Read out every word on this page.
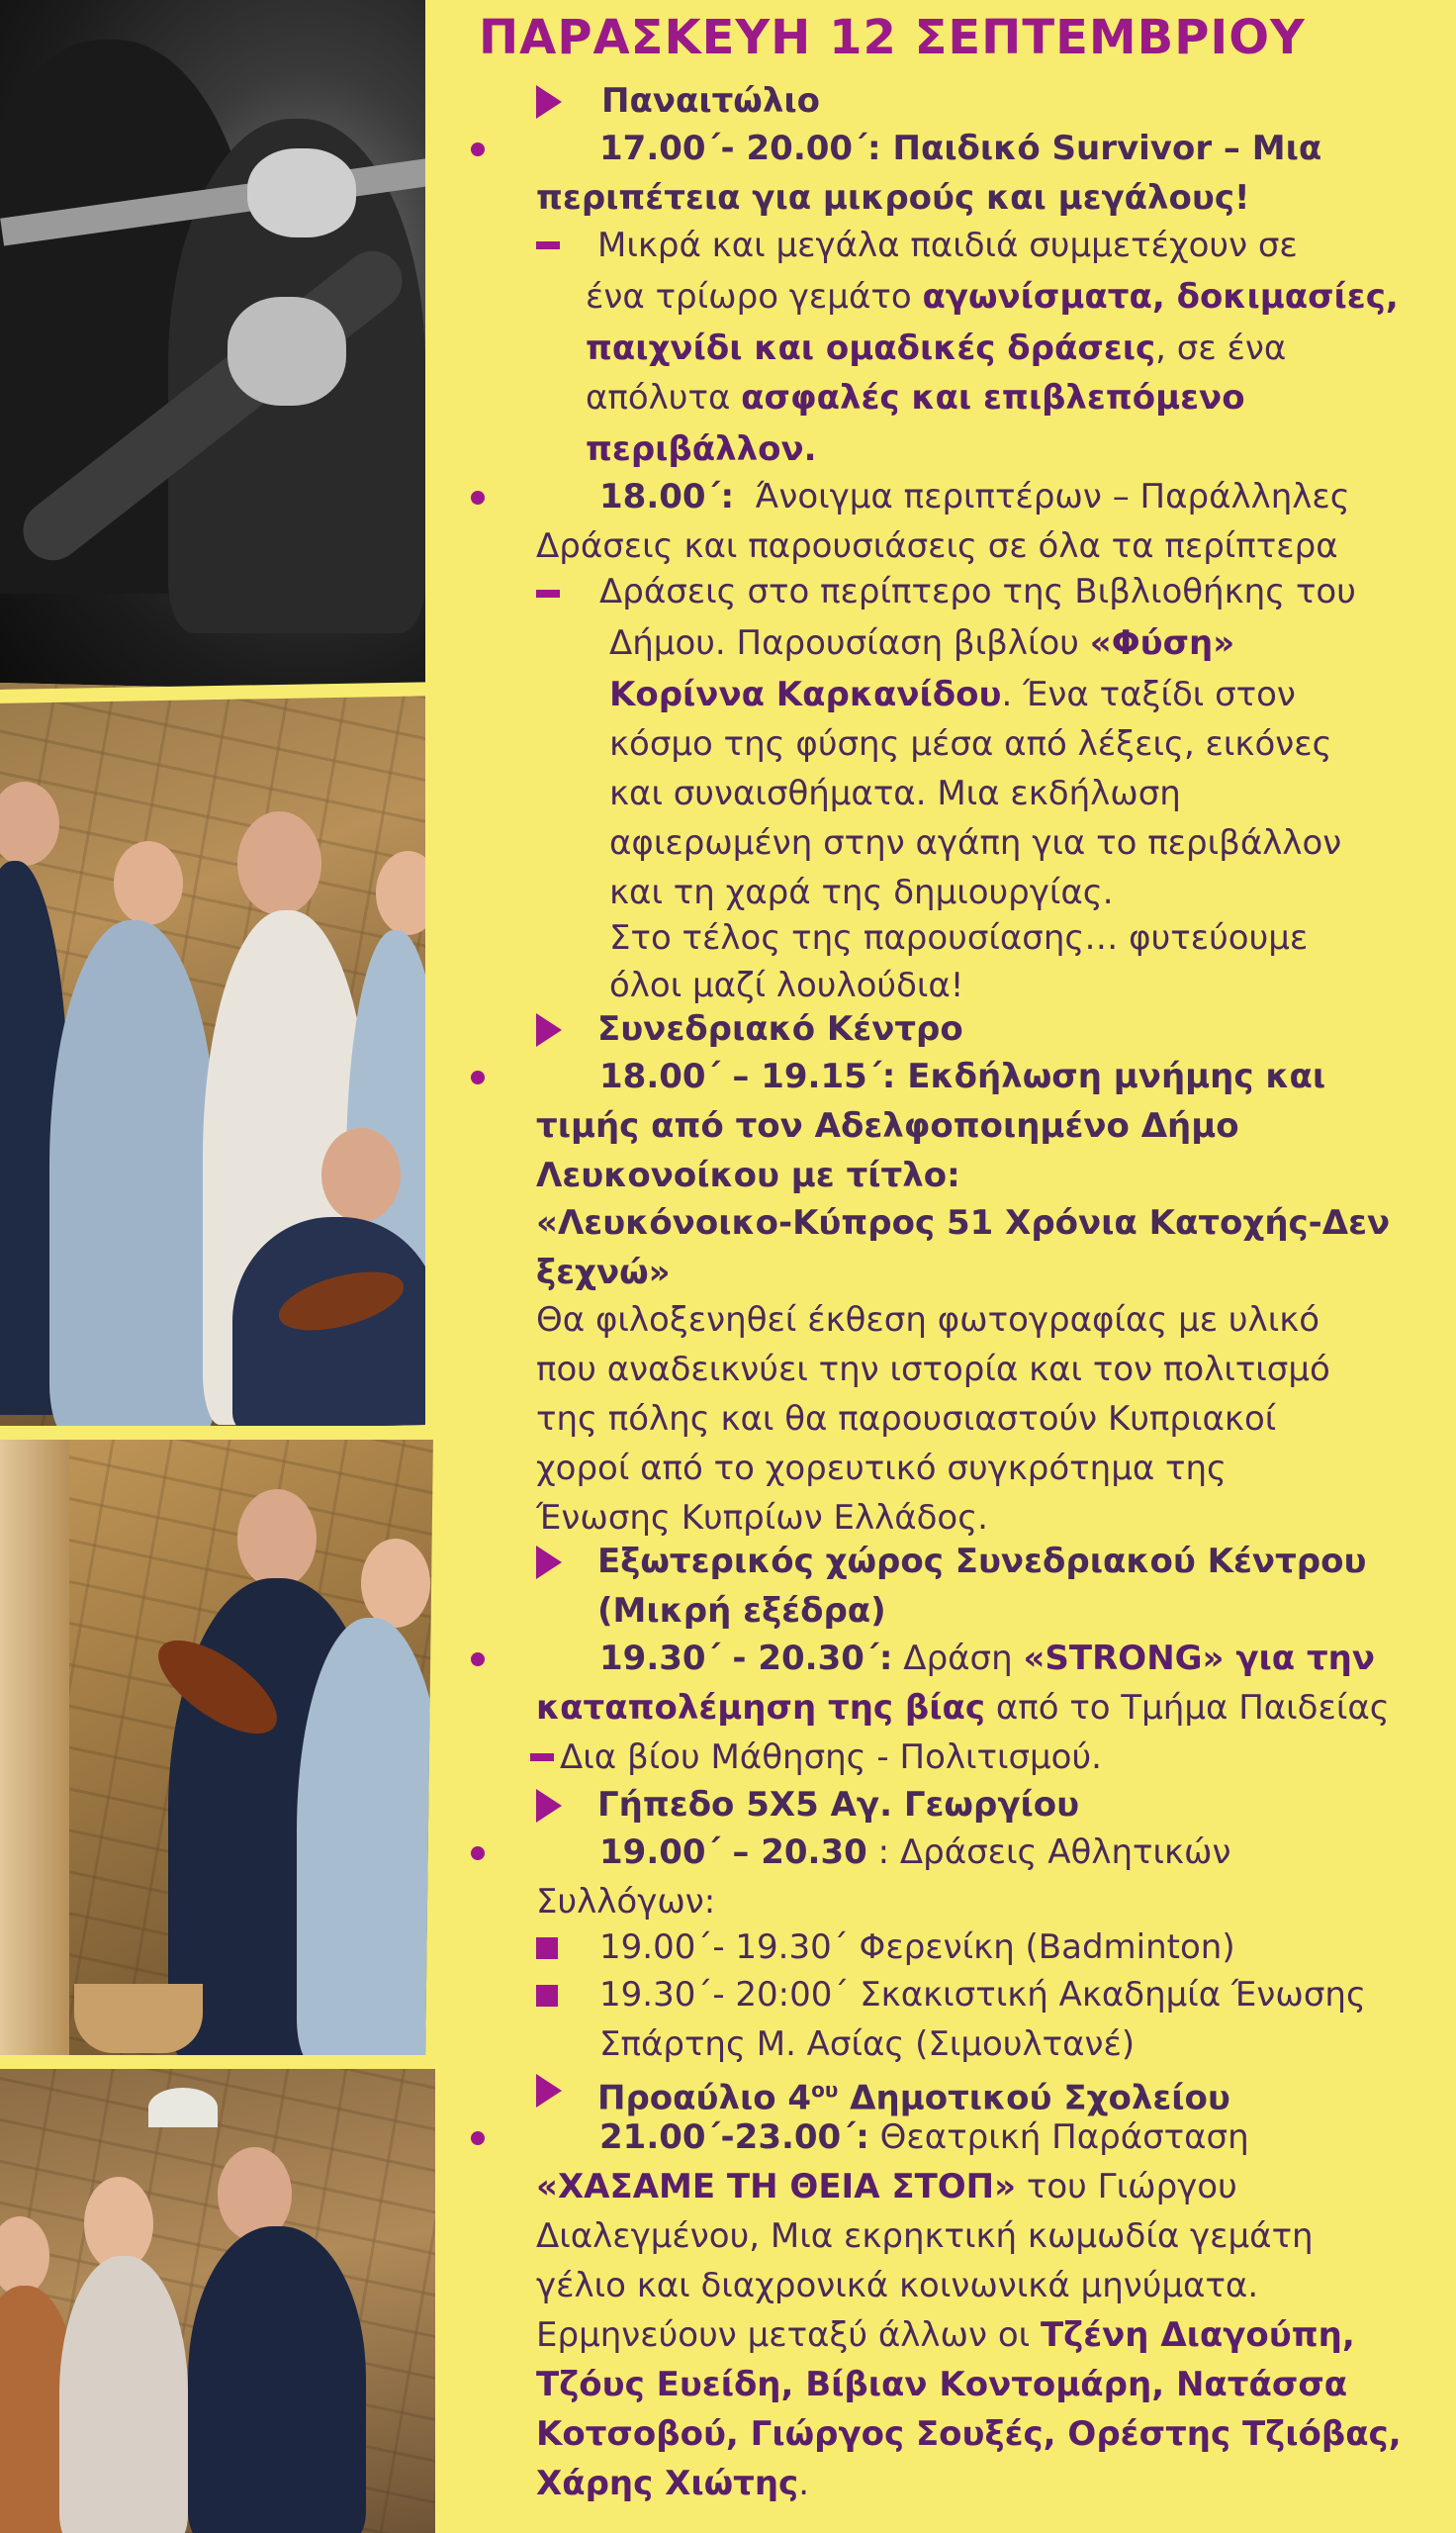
ΠΑΡΑΣΚΕΥΗ 12 ΣΕΠΤΕΜΒΡΙΟΥ
Παναιτώλιο
17.00΄- 20.00΄: Παιδικό Survivor – Μια
περιπέτεια για μικρούς και μεγάλους!
Μικρά και μεγάλα παιδιά συμμετέχουν σε
ένα τρίωρο γεμάτο αγωνίσματα, δοκιμασίες,
παιχνίδι και ομαδικές δράσεις, σε ένα
απόλυτα ασφαλές και επιβλεπόμενο
περιβάλλον.
18.00΄: Άνοιγμα περιπτέρων – Παράλληλες
Δράσεις και παρουσιάσεις σε όλα τα περίπτερα
Δράσεις στο περίπτερο της Βιβλιοθήκης του
Δήμου. Παρουσίαση βιβλίου «Φύση»
Κορίννα Καρκανίδου. Ένα ταξίδι στον
κόσμο της φύσης μέσα από λέξεις, εικόνες
και συναισθήματα. Μια εκδήλωση
αφιερωμένη στην αγάπη για το περιβάλλον
και τη χαρά της δημιουργίας.
Στο τέλος της παρουσίασης… φυτεύουμε
όλοι μαζί λουλούδια!
Συνεδριακό Κέντρο
18.00΄ – 19.15΄: Εκδήλωση μνήμης και
τιμής από τον Αδελφοποιημένο Δήμο
Λευκονοίκου με τίτλο:
«Λευκόνοικο-Κύπρος 51 Χρόνια Κατοχής-Δεν
ξεχνώ»
Θα φιλοξενηθεί έκθεση φωτογραφίας με υλικό
που αναδεικνύει την ιστορία και τον πολιτισμό
της πόλης και θα παρουσιαστούν Κυπριακοί
χοροί από το χορευτικό συγκρότημα της
Ένωσης Κυπρίων Ελλάδος.
Εξωτερικός χώρος Συνεδριακού Κέντρου
(Μικρή εξέδρα)
19.30΄ - 20.30΄: Δράση «STRONG» για την
καταπολέμηση της βίας από το Τμήμα Παιδείας
Δια βίου Μάθησης - Πολιτισμού.
Γήπεδο 5Χ5 Αγ. Γεωργίου
19.00΄ – 20.30 : Δράσεις Αθλητικών
Συλλόγων:
19.00΄- 19.30΄ Φερενίκη (Badminton)
19.30΄- 20:00΄ Σκακιστική Ακαδημία Ένωσης
Σπάρτης Μ. Ασίας (Σιμουλτανέ)
Προαύλιο $4^{o\upsilon}$ Δημοτικού Σχολείου
21.00΄-23.00΄: Θεατρική Παράσταση
«ΧΑΣΑΜΕ ΤΗ ΘΕΙΑ ΣΤΟΠ» του Γιώργου
Διαλεγμένου, Μια εκρηκτική κωμωδία γεμάτη
γέλιο και διαχρονικά κοινωνικά μηνύματα.
Ερμηνεύουν μεταξύ άλλων οι Τζένη Διαγούπη,
Τζόυς Ευείδη, Βίβιαν Κοντομάρη, Νατάσσα
Κοτσοβού, Γιώργος Σουξές, Ορέστης Τζιόβας,
Χάρης Χιώτης.
